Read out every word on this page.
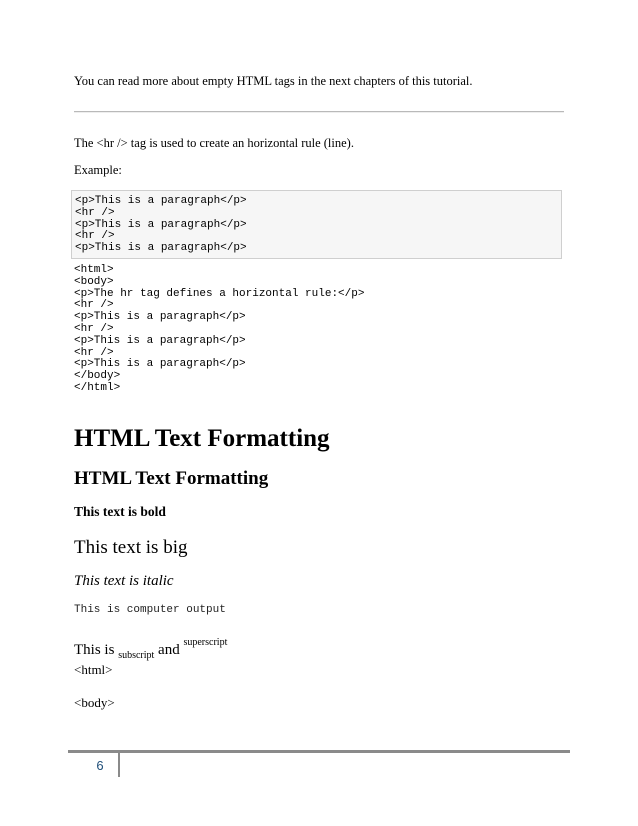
You can read more about empty HTML tags in the next chapters of this tutorial.
The <hr /> tag is used to create an horizontal rule (line).
Example:
<p>This is a paragraph</p>
<hr />
<p>This is a paragraph</p>
<hr />
<p>This is a paragraph</p>
<html>
<body>
<p>The hr tag defines a horizontal rule:</p>
<hr />
<p>This is a paragraph</p>
<hr />
<p>This is a paragraph</p>
<hr />
<p>This is a paragraph</p>
</body>
</html>
HTML Text Formatting
HTML Text Formatting
This text is bold
This text is big
This text is italic
This is computer output
This is $_{subscript}$ and $^{superscript}$
<html>
<body>
6
